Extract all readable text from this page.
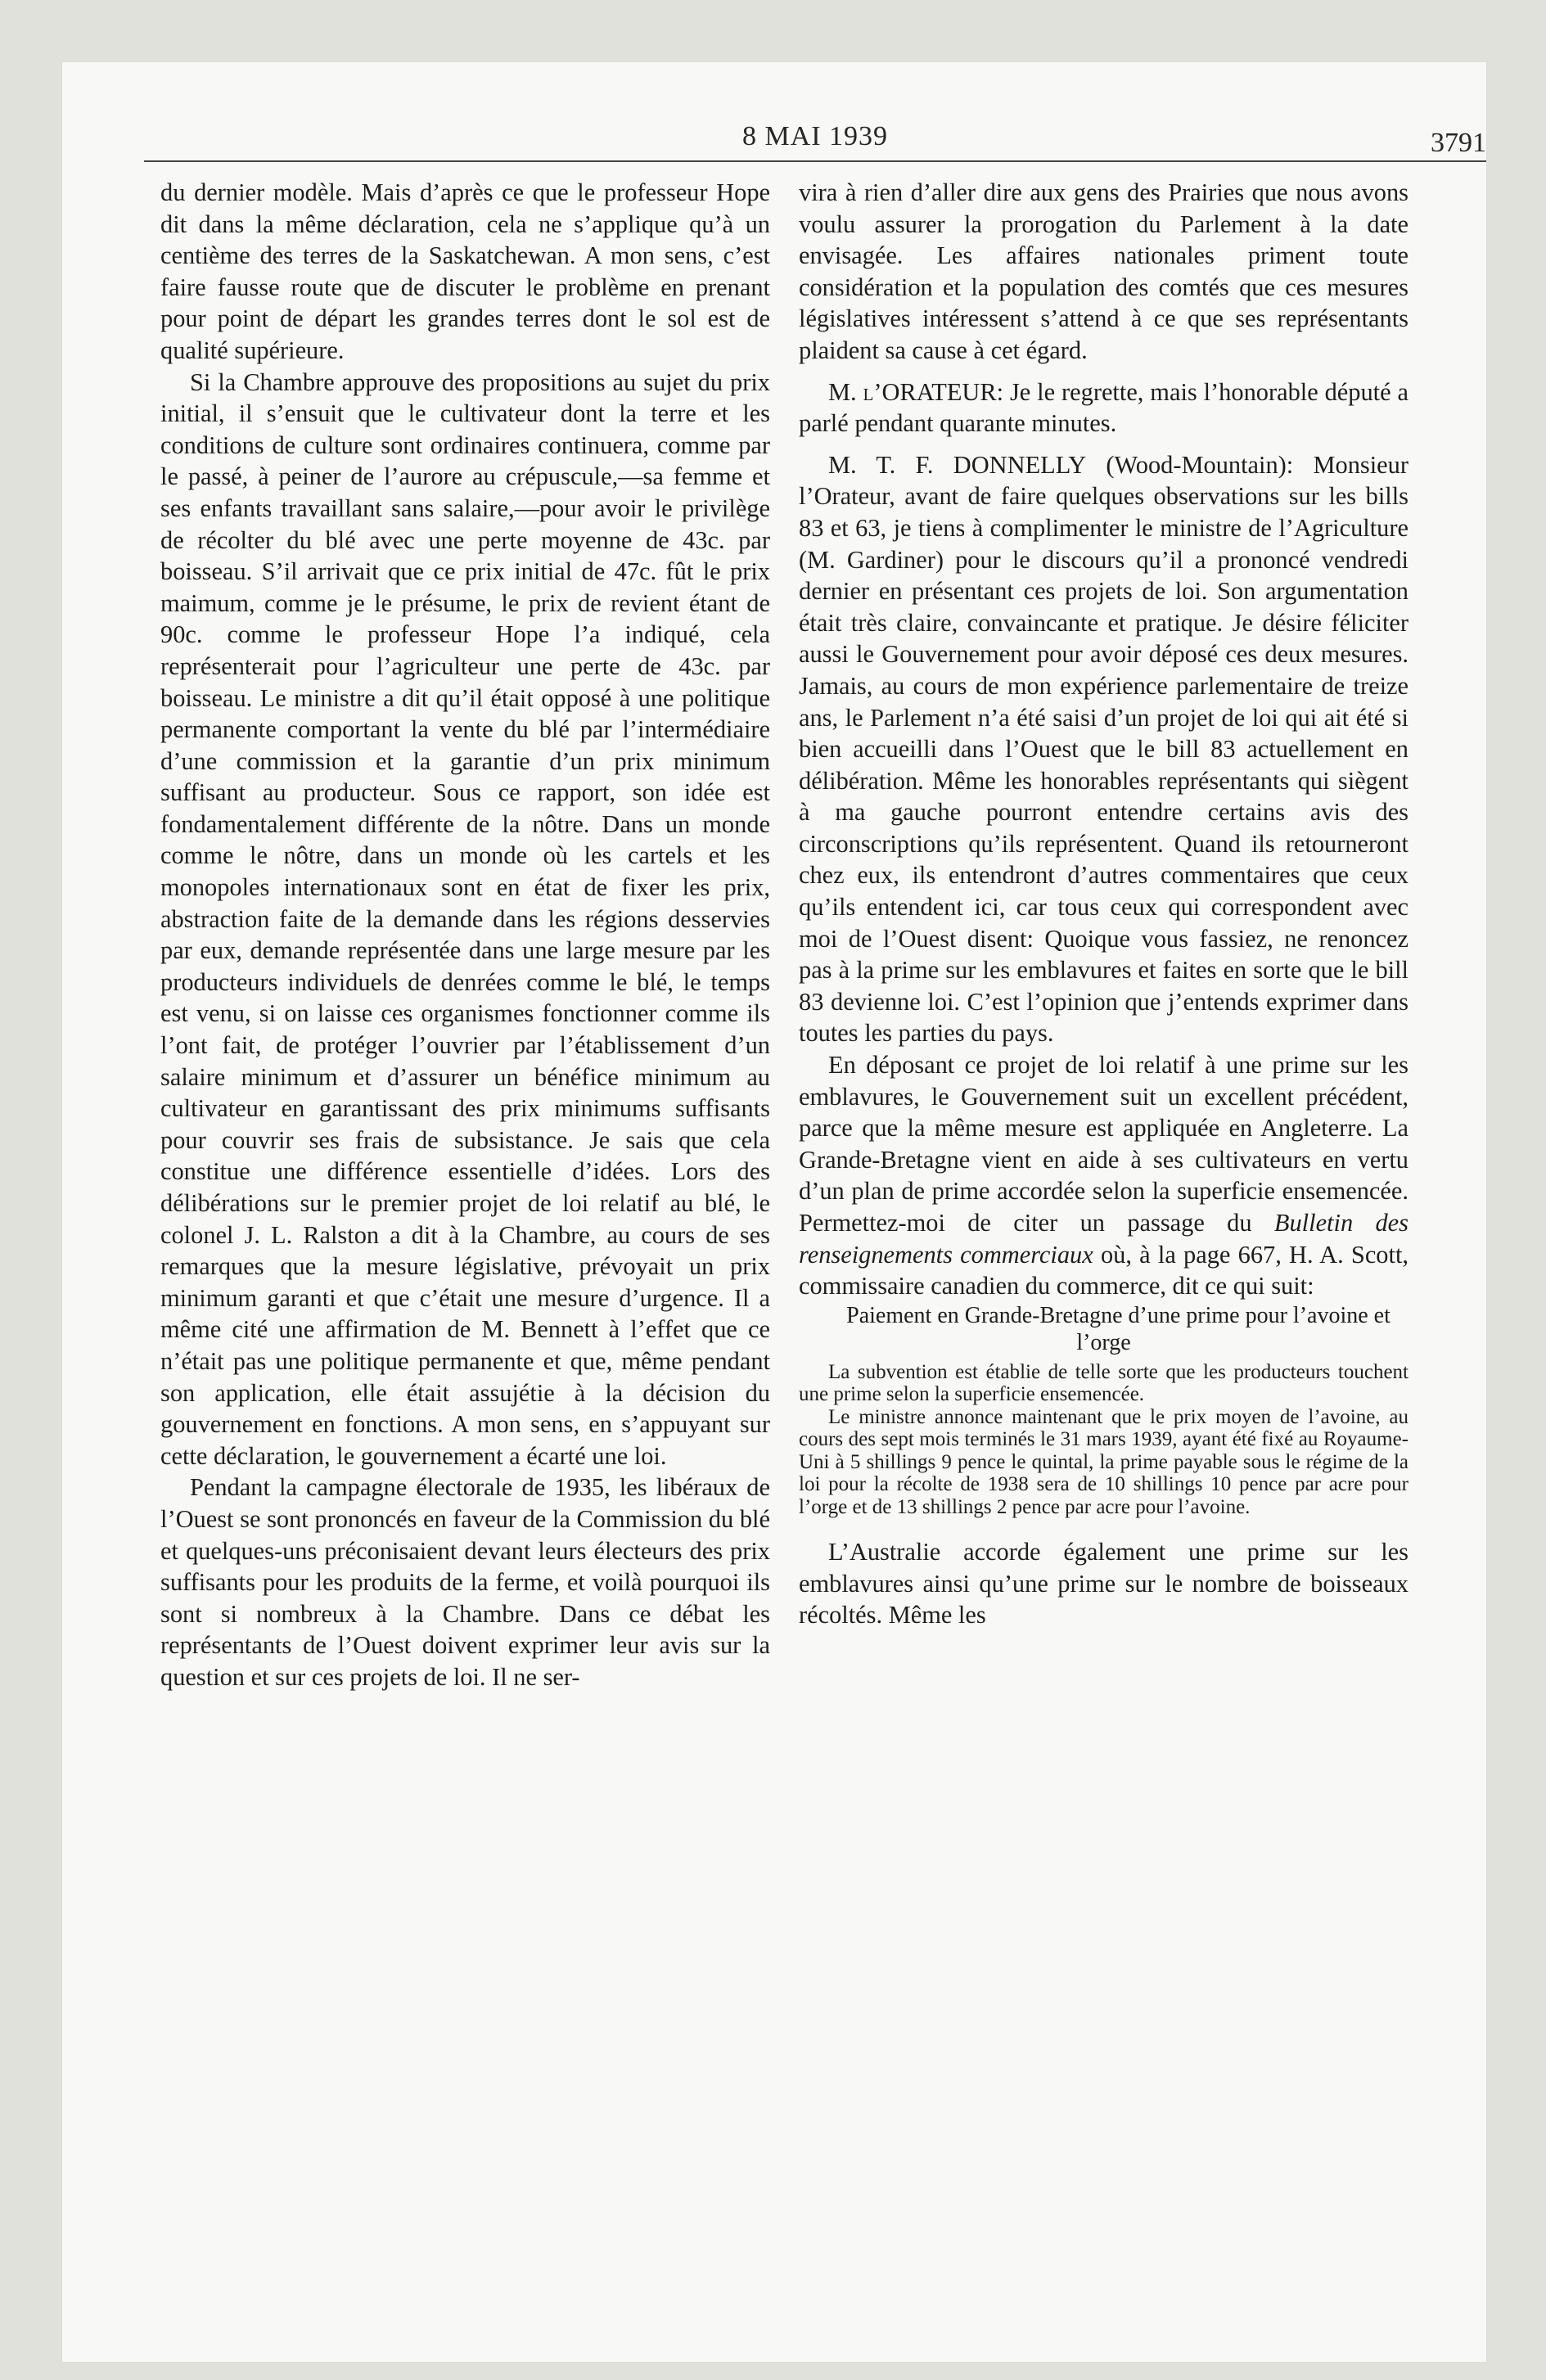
8 MAI 1939	3791

du dernier modèle. Mais d’après ce que le professeur Hope dit dans la même déclaration, cela ne s’applique qu’à un centième des terres de la Saskatchewan. A mon sens, c’est faire fausse route que de discuter le problème en prenant pour point de départ les grandes terres dont le sol est de qualité supérieure.

Si la Chambre approuve des propositions au sujet du prix initial, il s’ensuit que le cultivateur dont la terre et les conditions de culture sont ordinaires continuera, comme par le passé, à peiner de l’aurore au crépuscule,—sa femme et ses enfants travaillant sans salaire,—pour avoir le privilège de récolter du blé avec une perte moyenne de 43c. par boisseau. S’il arrivait que ce prix initial de 47c. fût le prix maimum, comme je le présume, le prix de revient étant de 90c. comme le professeur Hope l’a indiqué, cela représenterait pour l’agriculteur une perte de 43c. par boisseau. Le ministre a dit qu’il était opposé à une politique permanente comportant la vente du blé par l’intermédiaire d’une commission et la garantie d’un prix minimum suffisant au producteur. Sous ce rapport, son idée est fondamentalement différente de la nôtre. Dans un monde comme le nôtre, dans un monde où les cartels et les monopoles internationaux sont en état de fixer les prix, abstraction faite de la demande dans les régions desservies par eux, demande représentée dans une large mesure par les producteurs individuels de denrées comme le blé, le temps est venu, si on laisse ces organismes fonctionner comme ils l’ont fait, de protéger l’ouvrier par l’établissement d’un salaire minimum et d’assurer un bénéfice minimum au cultivateur en garantissant des prix minimums suffisants pour couvrir ses frais de subsistance. Je sais que cela constitue une différence essentielle d’idées. Lors des délibérations sur le premier projet de loi relatif au blé, le colonel J. L. Ralston a dit à la Chambre, au cours de ses remarques que la mesure législative, prévoyait un prix minimum garanti et que c’était une mesure d’urgence. Il a même cité une affirmation de M. Bennett à l’effet que ce n’était pas une politique permanente et que, même pendant son application, elle était assujétie à la décision du gouvernement en fonctions. A mon sens, en s’appuyant sur cette déclaration, le gouvernement a écarté une loi.

Pendant la campagne électorale de 1935, les libéraux de l’Ouest se sont prononcés en faveur de la Commission du blé et quelques-uns préconisaient devant leurs électeurs des prix suffisants pour les produits de la ferme, et voilà pourquoi ils sont si nombreux à la Chambre. Dans ce débat les représentants de l’Ouest doivent exprimer leur avis sur la question et sur ces projets de loi. Il ne ser-

vira à rien d’aller dire aux gens des Prairies que nous avons voulu assurer la prorogation du Parlement à la date envisagée. Les affaires nationales priment toute considération et la population des comtés que ces mesures législatives intéressent s’attend à ce que ses représentants plaident sa cause à cet égard.

M. l’ORATEUR: Je le regrette, mais l’honorable député a parlé pendant quarante minutes.

M. T. F. DONNELLY (Wood-Mountain): Monsieur l’Orateur, avant de faire quelques observations sur les bills 83 et 63, je tiens à complimenter le ministre de l’Agriculture (M. Gardiner) pour le discours qu’il a prononcé vendredi dernier en présentant ces projets de loi. Son argumentation était très claire, convaincante et pratique. Je désire féliciter aussi le Gouvernement pour avoir déposé ces deux mesures. Jamais, au cours de mon expérience parlementaire de treize ans, le Parlement n’a été saisi d’un projet de loi qui ait été si bien accueilli dans l’Ouest que le bill 83 actuellement en délibération. Même les honorables représentants qui siègent à ma gauche pourront entendre certains avis des circonscriptions qu’ils représentent. Quand ils retourneront chez eux, ils entendront d’autres commentaires que ceux qu’ils entendent ici, car tous ceux qui correspondent avec moi de l’Ouest disent: Quoique vous fassiez, ne renoncez pas à la prime sur les emblavures et faites en sorte que le bill 83 devienne loi. C’est l’opinion que j’entends exprimer dans toutes les parties du pays.

En déposant ce projet de loi relatif à une prime sur les emblavures, le Gouvernement suit un excellent précédent, parce que la même mesure est appliquée en Angleterre. La Grande-Bretagne vient en aide à ses cultivateurs en vertu d’un plan de prime accordée selon la superficie ensemencée. Permettez-moi de citer un passage du Bulletin des renseignements commerciaux où, à la page 667, H. A. Scott, commissaire canadien du commerce, dit ce qui suit:

Paiement en Grande-Bretagne d’une prime pour l’avoine et l’orge

La subvention est établie de telle sorte que les producteurs touchent une prime selon la superficie ensemencée.

Le ministre annonce maintenant que le prix moyen de l’avoine, au cours des sept mois terminés le 31 mars 1939, ayant été fixé au Royaume-Uni à 5 shillings 9 pence le quintal, la prime payable sous le régime de la loi pour la récolte de 1938 sera de 10 shillings 10 pence par acre pour l’orge et de 13 shillings 2 pence par acre pour l’avoine.

L’Australie accorde également une prime sur les emblavures ainsi qu’une prime sur le nombre de boisseaux récoltés. Même les
